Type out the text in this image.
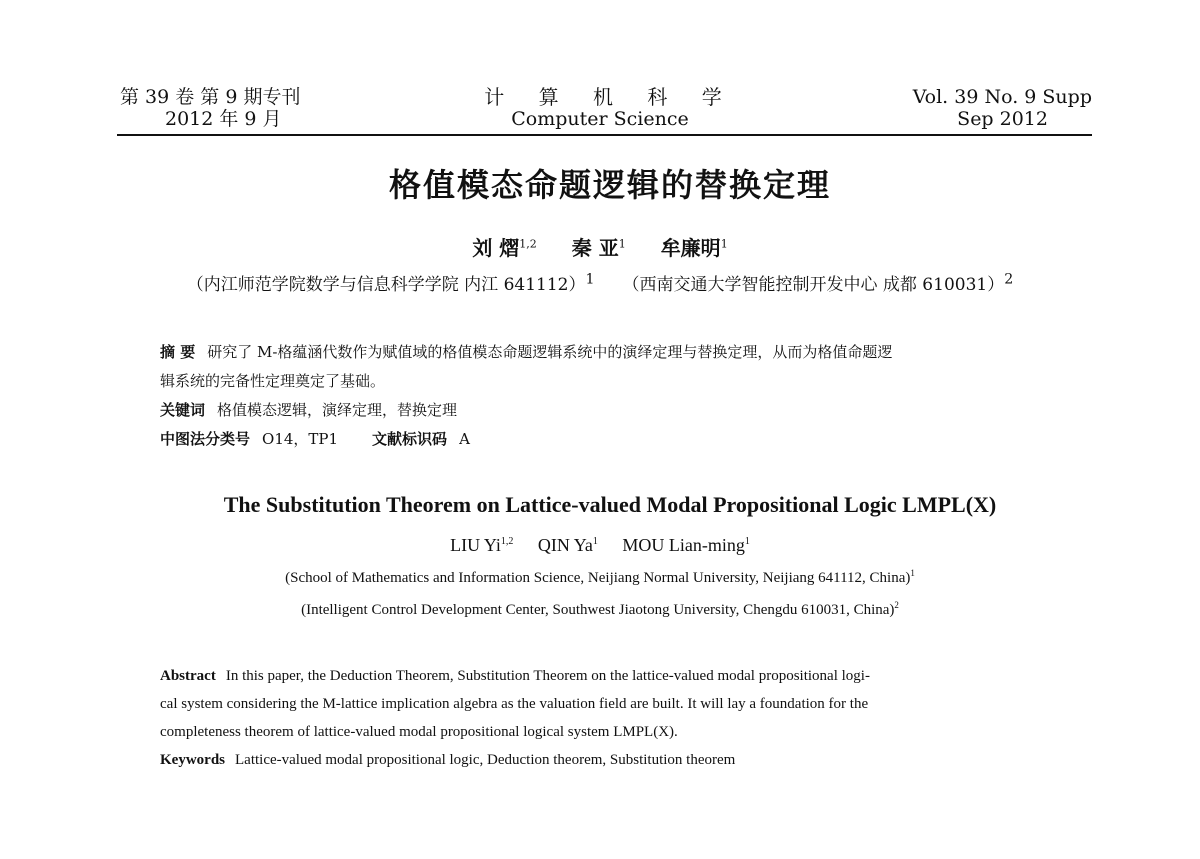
第 39 卷 第 9 期专刊
2012 年 9 月
计 算 机 科 学
Computer Science
Vol. 39 No. 9 Supp
Sep 2012
格值模态命题逻辑的替换定理
刘 熠$^{1,2}$ 秦 亚$^1$ 牟廉明$^1$
（内江师范学院数学与信息科学学院 内江 641112）$^1$ （西南交通大学智能控制开发中心 成都 610031）$^2$
摘 要 研究了 M-格蕴涵代数作为赋值域的格值模态命题逻辑系统中的演绎定理与替换定理，从而为格值命题逻
辑系统的完备性定理奠定了基础。
关键词 格值模态逻辑，演绎定理，替换定理
中图法分类号 O14，TP1 文献标识码 A
The Substitution Theorem on Lattice-valued Modal Propositional Logic LMPL(X)
LIU Yi$^{1,2}$ QIN Ya$^1$ MOU Lian-ming$^1$
(School of Mathematics and Information Science, Neijiang Normal University, Neijiang 641112, China)$^1$
(Intelligent Control Development Center, Southwest Jiaotong University, Chengdu 610031, China)$^2$
Abstract In this paper, the Deduction Theorem, Substitution Theorem on the lattice-valued modal propositional logi-
cal system considering the M-lattice implication algebra as the valuation field are built. It will lay a foundation for the
completeness theorem of lattice-valued modal propositional logical system LMPL(X).
Keywords Lattice-valued modal propositional logic, Deduction theorem, Substitution theorem
